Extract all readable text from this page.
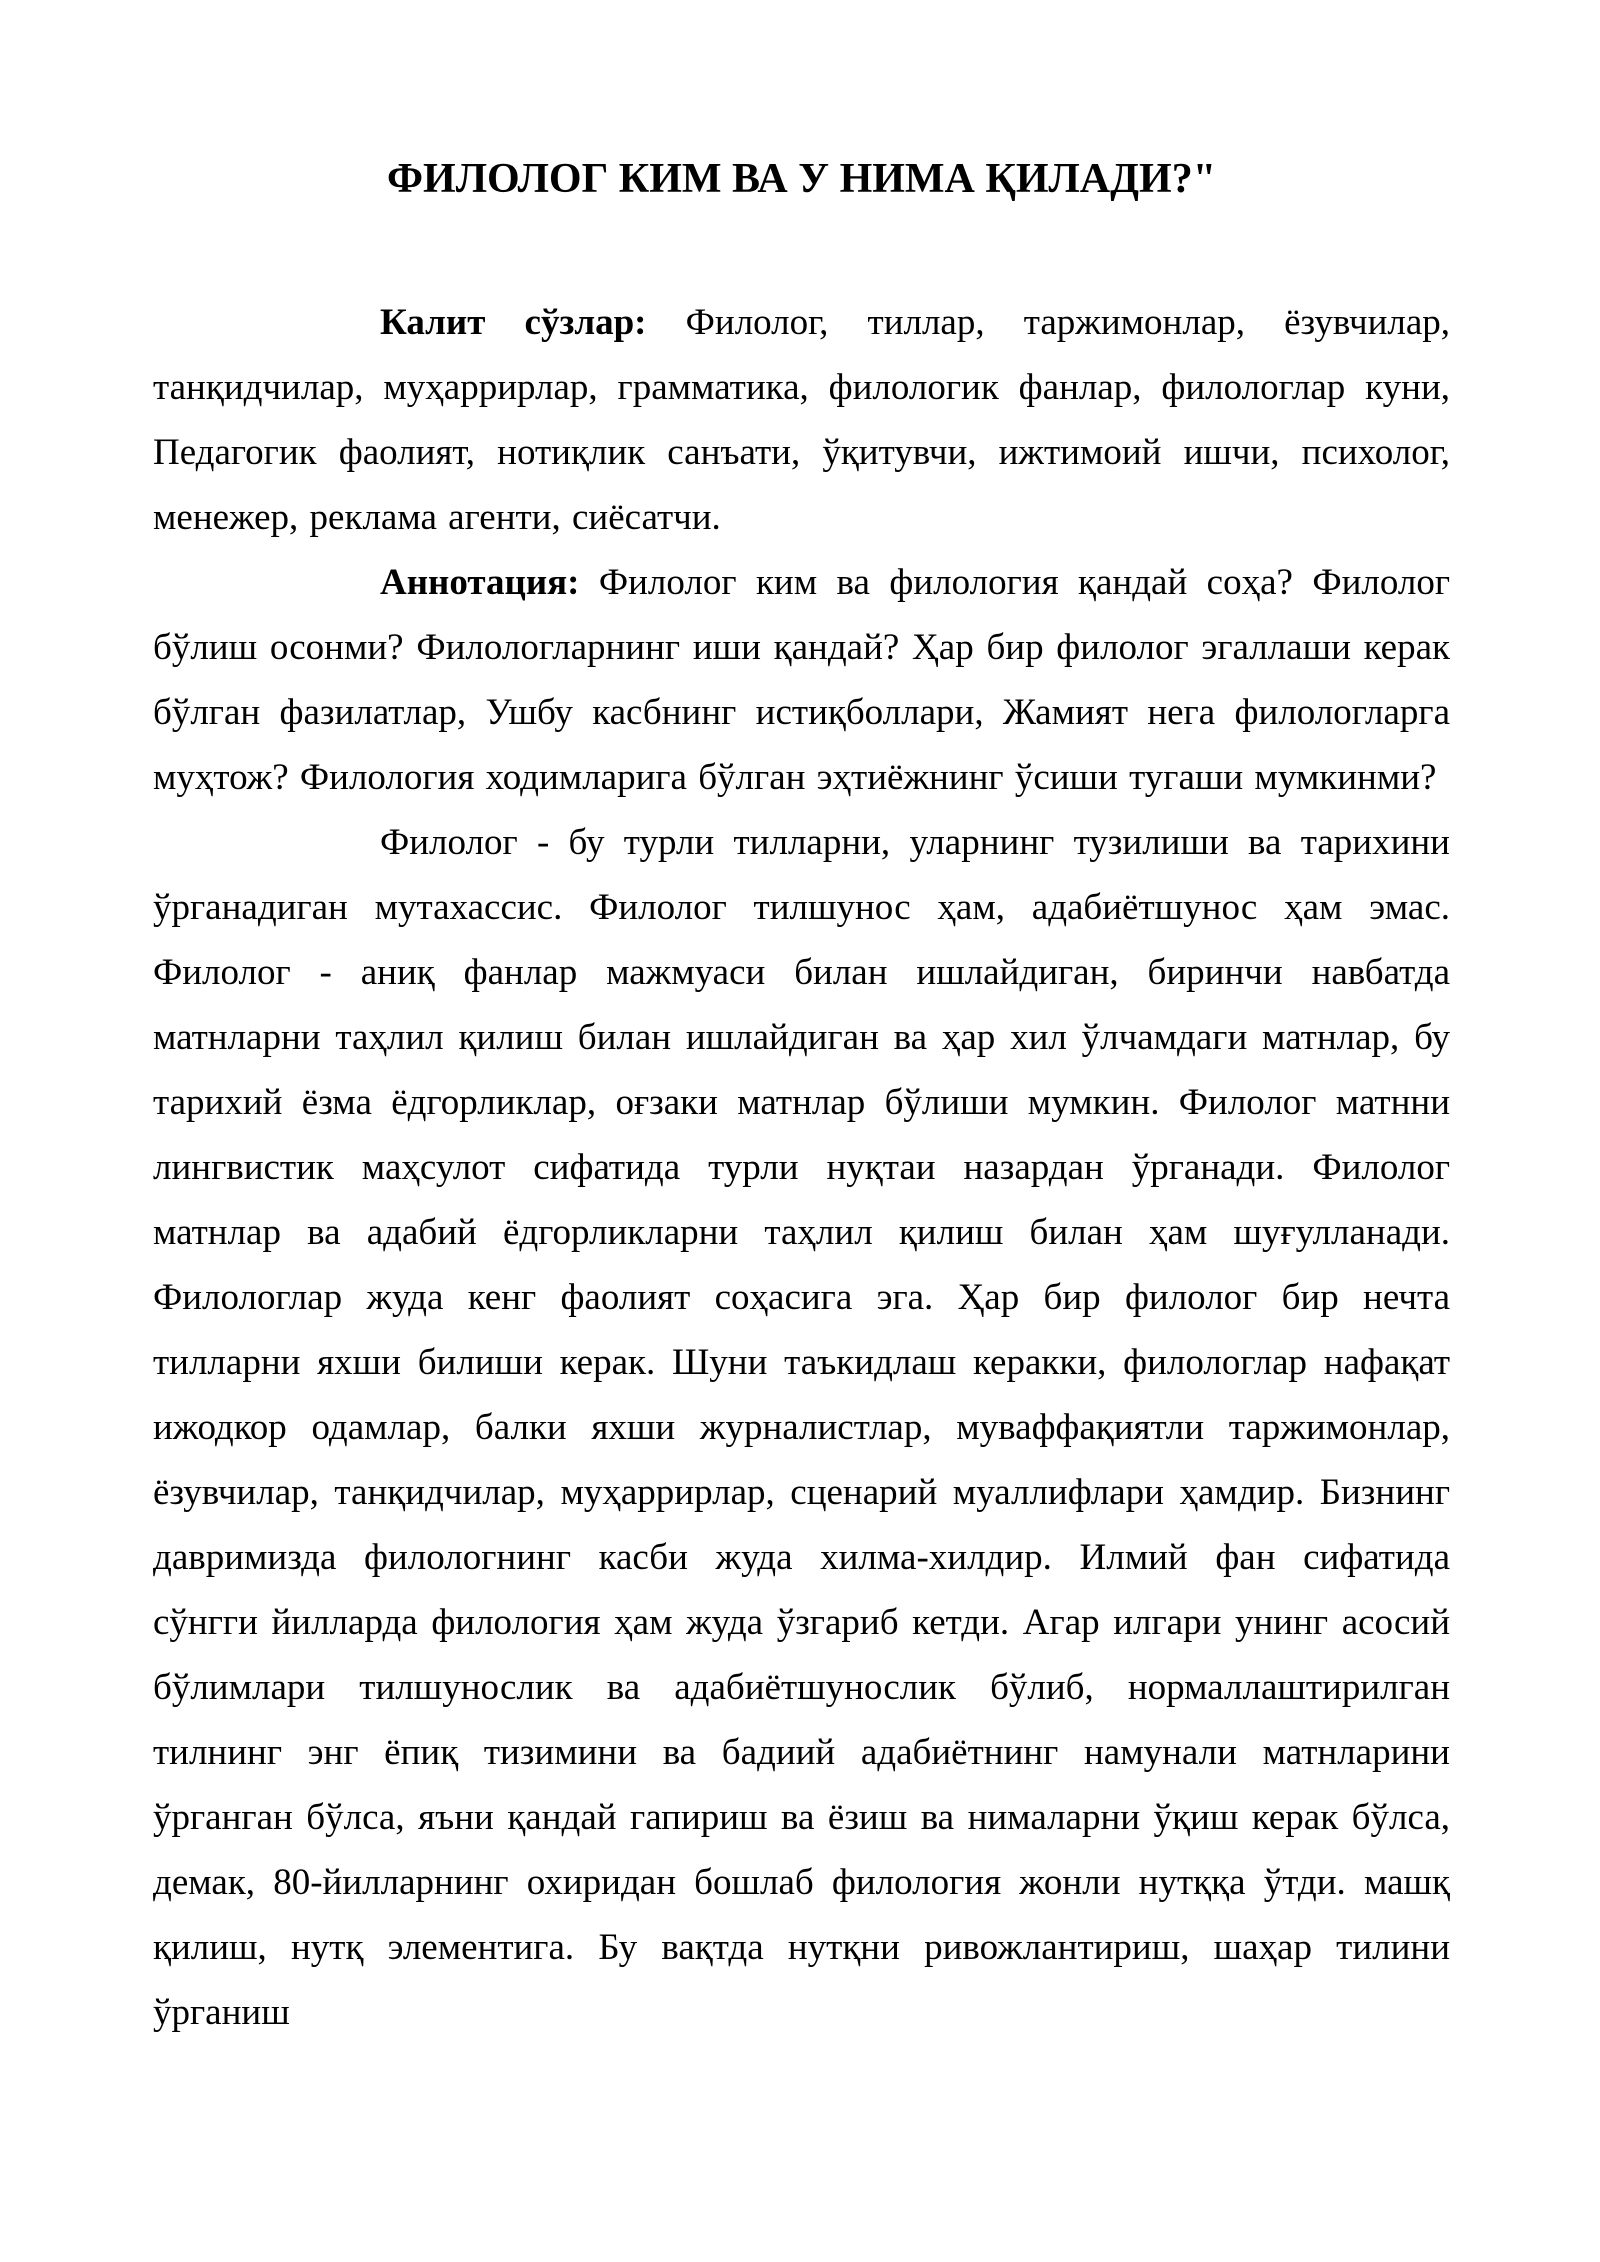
ФИЛОЛОГ КИМ ВА У НИМА ҚИЛАДИ?"

Калит сўзлар: Филолог, тиллар, таржимонлар, ёзувчилар, танқидчилар, муҳаррирлар, грамматика, филологик фанлар, филологлар куни, Педагогик фаолият, нотиқлик санъати, ўқитувчи, ижтимоий ишчи, психолог, менежер, реклама агенти, сиёсатчи.

Аннотация: Филолог ким ва филология қандай соҳа? Филолог бўлиш осонми? Филологларнинг иши қандай? Ҳар бир филолог эгаллаши керак бўлган фазилатлар, Ушбу касбнинг истиқболлари, Жамият нега филологларга муҳтож? Филология ходимларига бўлган эҳтиёжнинг ўсиши тугаши мумкинми?

Филолог - бу турли тилларни, уларнинг тузилиши ва тарихини ўрганадиган мутахассис. Филолог тилшунос ҳам, адабиётшунос ҳам эмас. Филолог - аниқ фанлар мажмуаси билан ишлайдиган, биринчи навбатда матнларни таҳлил қилиш билан ишлайдиган ва ҳар хил ўлчамдаги матнлар, бу тарихий ёзма ёдгорликлар, оғзаки матнлар бўлиши мумкин. Филолог матнни лингвистик маҳсулот сифатида турли нуқтаи назардан ўрганади. Филолог матнлар ва адабий ёдгорликларни таҳлил қилиш билан ҳам шуғулланади. Филологлар жуда кенг фаолият соҳасига эга. Ҳар бир филолог бир нечта тилларни яхши билиши керак. Шуни таъкидлаш керакки, филологлар нафақат ижодкор одамлар, балки яхши журналистлар, муваффақиятли таржимонлар, ёзувчилар, танқидчилар, муҳаррирлар, сценарий муаллифлари ҳамдир. Бизнинг давримизда филологнинг касби жуда хилма-хилдир. Илмий фан сифатида сўнгги йилларда филология ҳам жуда ўзгариб кетди. Агар илгари унинг асосий бўлимлари тилшунослик ва адабиётшунослик бўлиб, нормаллаштирилган тилнинг энг ёпиқ тизимини ва бадиий адабиётнинг намунали матнларини ўрганган бўлса, яъни қандай гапириш ва ёзиш ва нималарни ўқиш керак бўлса, демак, 80-йилларнинг охиридан бошлаб филология жонли нутққа ўтди. машқ қилиш, нутқ элементига. Бу вақтда нутқни ривожлантириш, шаҳар тилини ўрганиш
